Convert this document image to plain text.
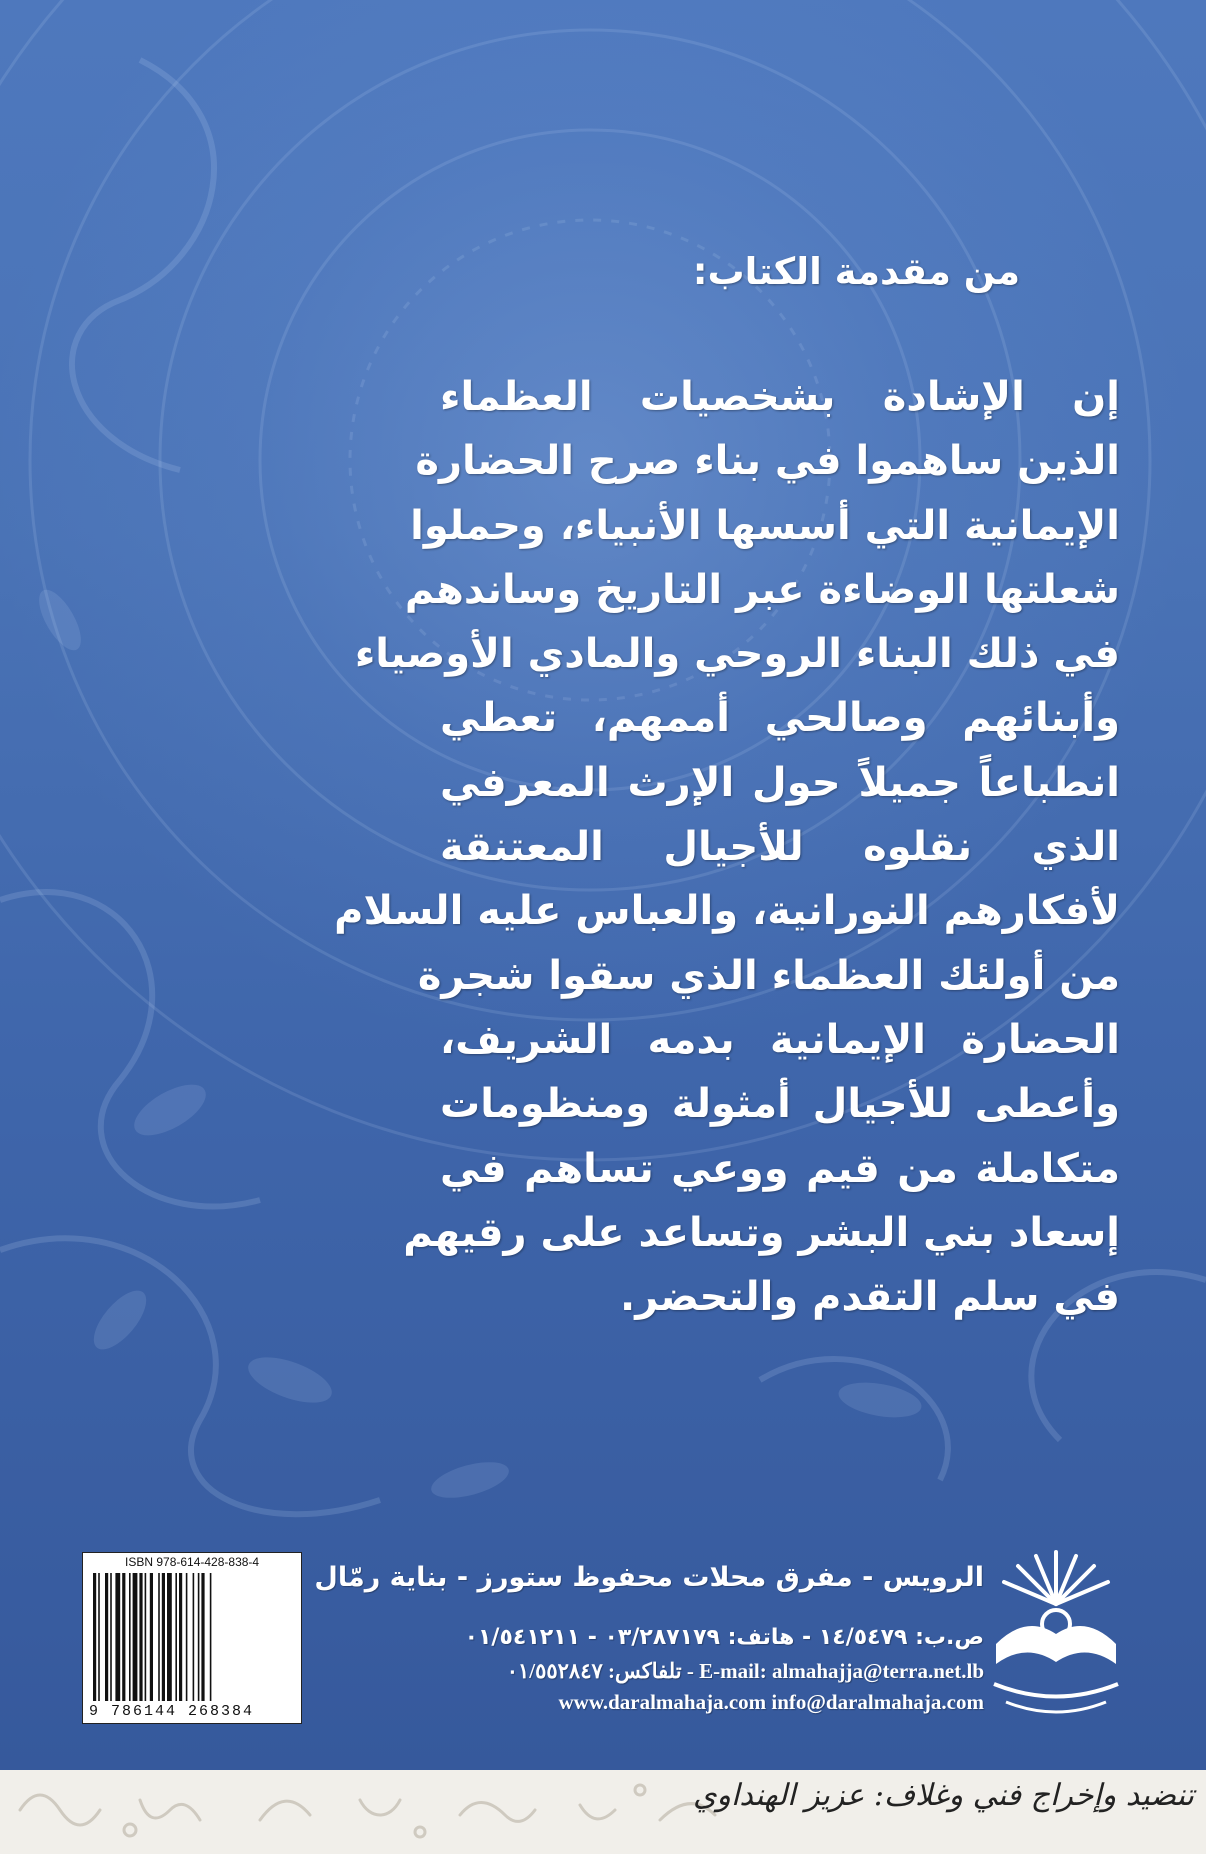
من مقدمة الكتاب:
إن الإشادة بشخصيات العظماء
الذين ساهموا في بناء صرح الحضارة
الإيمانية التي أسسها الأنبياء، وحملوا
شعلتها الوضاءة عبر التاريخ وساندهم
في ذلك البناء الروحي والمادي الأوصياء
وأبنائهم وصالحي أممهم، تعطي
انطباعاً جميلاً حول الإرث المعرفي
الذي نقلوه للأجيال المعتنقة
لأفكارهم النورانية، والعباس عليه السلام
من أولئك العظماء الذي سقوا شجرة
الحضارة الإيمانية بدمه الشريف،
وأعطى للأجيال أمثولة ومنظومات
متكاملة من قيم ووعي تساهم في
إسعاد بني البشر وتساعد على رقيهم
في سلم التقدم والتحضر.
ISBN 978-614-428-838-4
9 786144 268384
الرويس - مفرق محلات محفوظ ستورز - بناية رمّال
ص.ب: ١٤/٥٤٧٩ - هاتف: ٠٣/٢٨٧١٧٩ - ٠١/٥٤١٢١١
تلفاكس: ٠١/٥٥٢٨٤٧ - E-mail: almahajja@terra.net.lb
www.daralmahaja.com info@daralmahaja.com
تنضيد وإخراج فني وغلاف: عزيز الهنداوي
